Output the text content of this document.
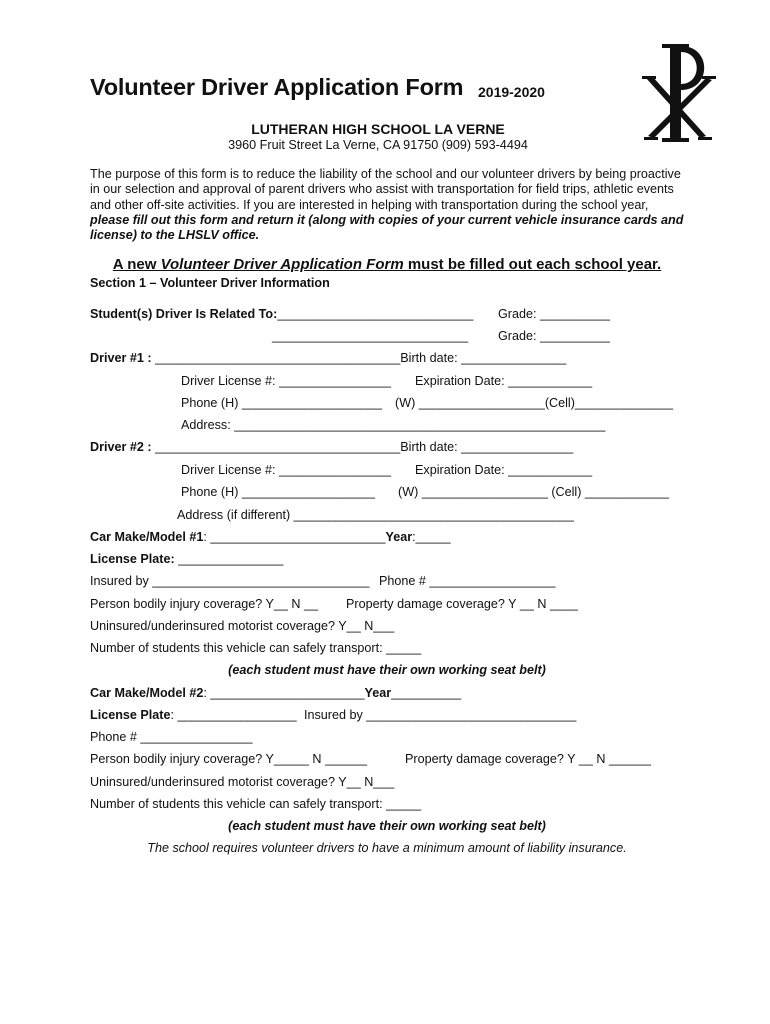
Volunteer Driver Application Form 2019-2020
LUTHERAN HIGH SCHOOL LA VERNE
3960 Fruit Street La Verne, CA 91750 (909) 593-4494
The purpose of this form is to reduce the liability of the school and our volunteer drivers by being proactive in our selection and approval of parent drivers who assist with transportation for field trips, athletic events and other off-site activities. If you are interested in helping with transportation during the school year, please fill out this form and return it (along with copies of your current vehicle insurance cards and license) to the LHSLV office.
A new Volunteer Driver Application Form must be filled out each school year.
Section 1 – Volunteer Driver Information
Student(s) Driver Is Related To:____________________________ Grade: __________
____________________________ Grade: __________
Driver #1 : ___________________________________Birth date: _______________
Driver License #: ________________ Expiration Date: ____________
Phone (H) ____________________ (W) __________________(Cell)______________
Address: _____________________________________________________
Driver #2 : ___________________________________Birth date: ________________
Driver License #: ________________ Expiration Date: ____________
Phone (H) ___________________ (W) __________________ (Cell) ____________
Address (if different) ________________________________________
Car Make/Model #1: _________________________Year:_____
License Plate: _______________
Insured by _______________________________ Phone # __________________
Person bodily injury coverage? Y__ N __ Property damage coverage? Y __ N ____
Uninsured/underinsured motorist coverage? Y__ N___
Number of students this vehicle can safely transport: _____
(each student must have their own working seat belt)
Car Make/Model #2: ______________________Year__________
License Plate: _________________ Insured by ______________________________
Phone # ________________
Person bodily injury coverage? Y_____ N ______	Property damage coverage? Y __ N ______
Uninsured/underinsured motorist coverage? Y__ N___
Number of students this vehicle can safely transport: _____
(each student must have their own working seat belt)
The school requires volunteer drivers to have a minimum amount of liability insurance.
